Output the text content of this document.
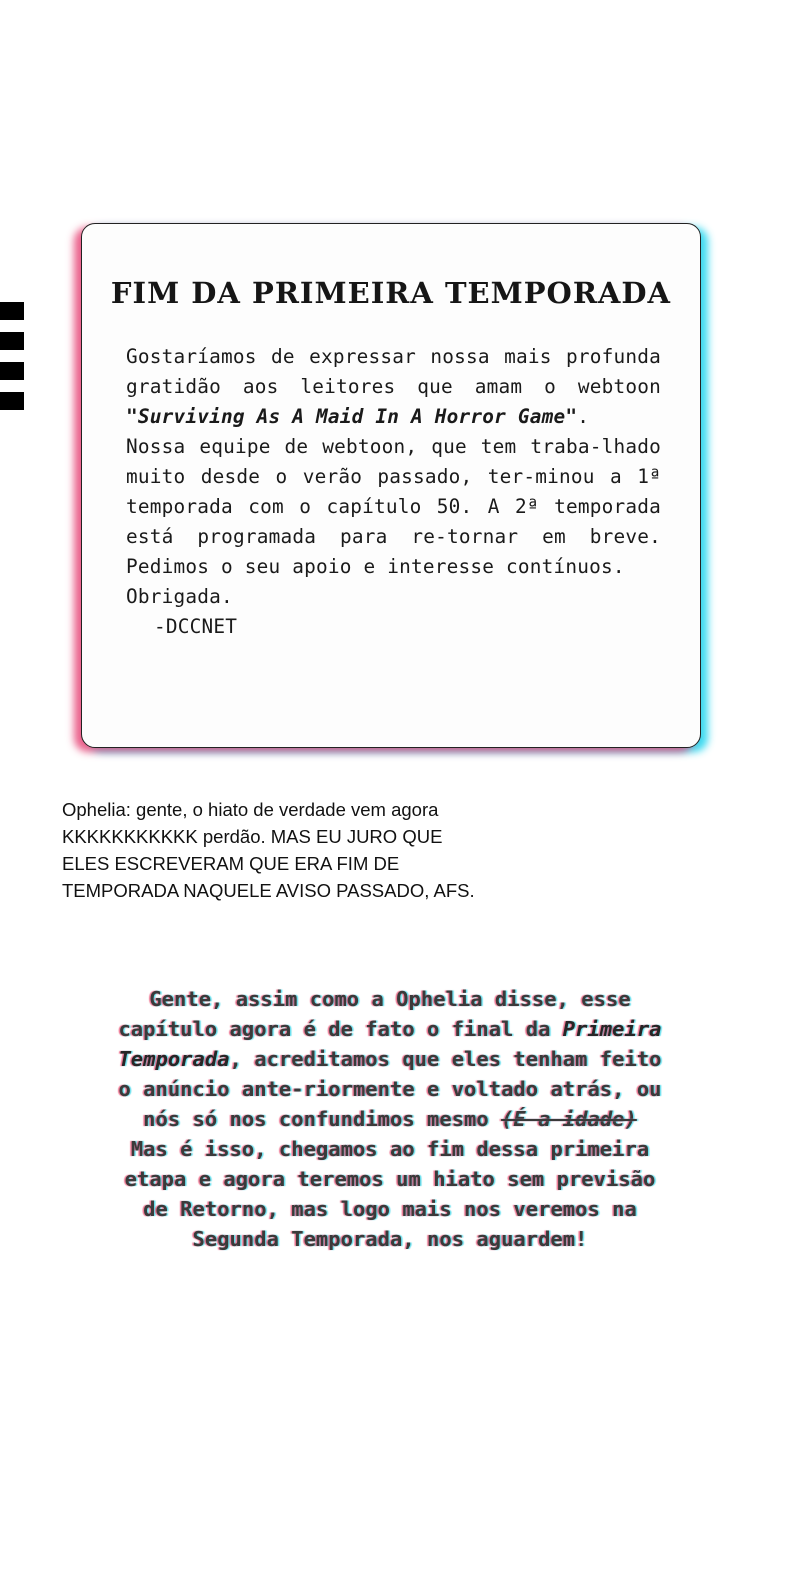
FIM DA PRIMEIRA TEMPORADA

Gostaríamos de expressar nossa mais profunda gratidão aos leitores que amam o webtoon "Surviving As A Maid In A Horror Game".

Nossa equipe de webtoon, que tem traba-lhado muito desde o verão passado, ter-minou a 1ª temporada com o capítulo 50. A 2ª temporada está programada para re-tornar em breve. Pedimos o seu apoio e interesse contínuos.

Obrigada.

-DCCNET

Ophelia: gente, o hiato de verdade vem agora KKKKKKKKKKK perdão. MAS EU JURO QUE ELES ESCREVERAM QUE ERA FIM DE TEMPORADA NAQUELE AVISO PASSADO, AFS.

Gente, assim como a Ophelia disse, esse capítulo agora é de fato o final da Primeira Temporada, acreditamos que eles tenham feito o anúncio ante-riormente e voltado atrás, ou nós só nos confundimos mesmo (É a idade)

Mas é isso, chegamos ao fim dessa primeira etapa e agora teremos um hiato sem previsão de Retorno, mas logo mais nos veremos na Segunda Temporada, nos aguardem!
